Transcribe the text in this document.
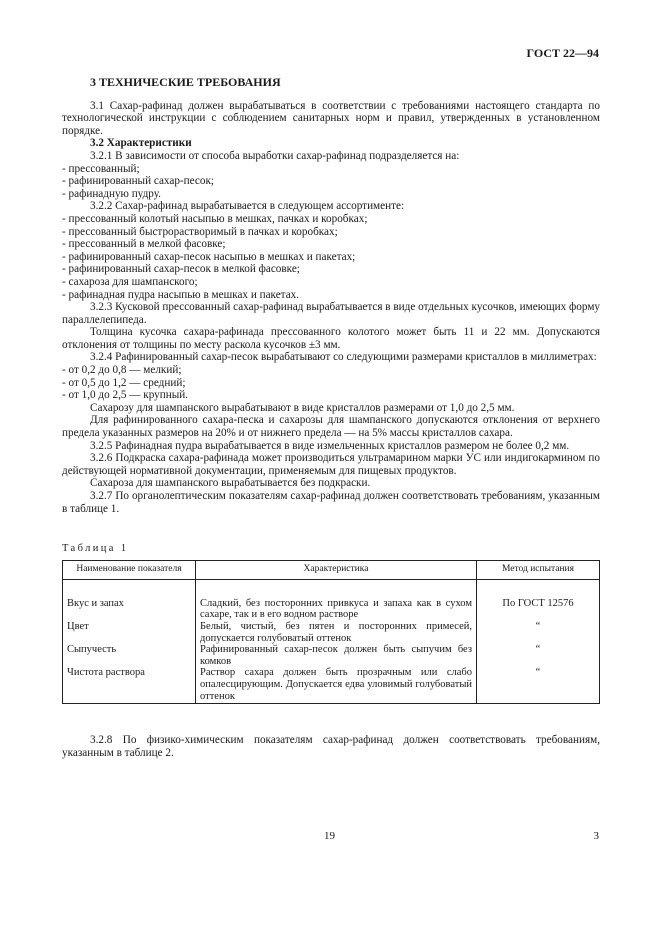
ГОСТ 22—94
3 ТЕХНИЧЕСКИЕ ТРЕБОВАНИЯ

3.1 Сахар-рафинад должен вырабатываться в соответствии с требованиями настоящего стандарта по технологической инструкции с соблюдением санитарных норм и правил, утвержденных в установленном порядке.

3.2 Характеристики

3.2.1 В зависимости от способа выработки сахар-рафинад подразделяется на:

- прессованный;

- рафинированный сахар-песок;

- рафинадную пудру.

3.2.2 Сахар-рафинад вырабатывается в следующем ассортименте:

- прессованный колотый насыпью в мешках, пачках и коробках;

- прессованный быстрорастворимый в пачках и коробках;

- прессованный в мелкой фасовке;

- рафинированный сахар-песок насыпью в мешках и пакетах;

- рафинированный сахар-песок в мелкой фасовке;

- сахароза для шампанского;

- рафинадная пудра насыпью в мешках и пакетах.

3.2.3 Кусковой прессованный сахар-рафинад вырабатывается в виде отдельных кусочков, имеющих форму параллелепипеда.

Толщина кусочка сахара-рафинада прессованного колотого может быть 11 и 22 мм. Допускаются отклонения от толщины по месту раскола кусочков ±3 мм.

3.2.4 Рафинированный сахар-песок вырабатывают со следующими размерами кристаллов в миллиметрах:

- от 0,2 до 0,8 — мелкий;

- от 0,5 до 1,2 — средний;

- от 1,0 до 2,5 — крупный.

Сахарозу для шампанского вырабатывают в виде кристаллов размерами от 1,0 до 2,5 мм.

Для рафинированного сахара-песка и сахарозы для шампанского допускаются отклонения от верхнего предела указанных размеров на 20% и от нижнего предела — на 5% массы кристаллов сахара.

3.2.5 Рафинадная пудра вырабатывается в виде измельченных кристаллов размером не более 0,2 мм.

3.2.6 Подкраска сахара-рафинада может производиться ультрамарином марки УС или индигокармином по действующей нормативной документации, применяемым для пищевых продуктов.

Сахароза для шампанского вырабатывается без подкраски.

3.2.7 По органолептическим показателям сахар-рафинад должен соответствовать требованиям, указанным в таблице 1.

Таблица 1
Наименование показателя	Характеристика	Метод испытания
Вкус и запах	Сладкий, без посторонних привкуса и запаха как в сухом сахаре, так и в его водном растворе	По ГОСТ 12576
Цвет	Белый, чистый, без пятен и посторонних примесей, допускается голубоватый оттенок	“
Сыпучесть	Рафинированный сахар-песок должен быть сыпучим без комков	“
Чистота раствора	Раствор сахара должен быть прозрачным или слабо опалесцирующим. Допускается едва уловимый голубоватый оттенок	“

3.2.8 По физико-химическим показателям сахар-рафинад должен соответствовать требованиям, указанным в таблице 2.

19	3
